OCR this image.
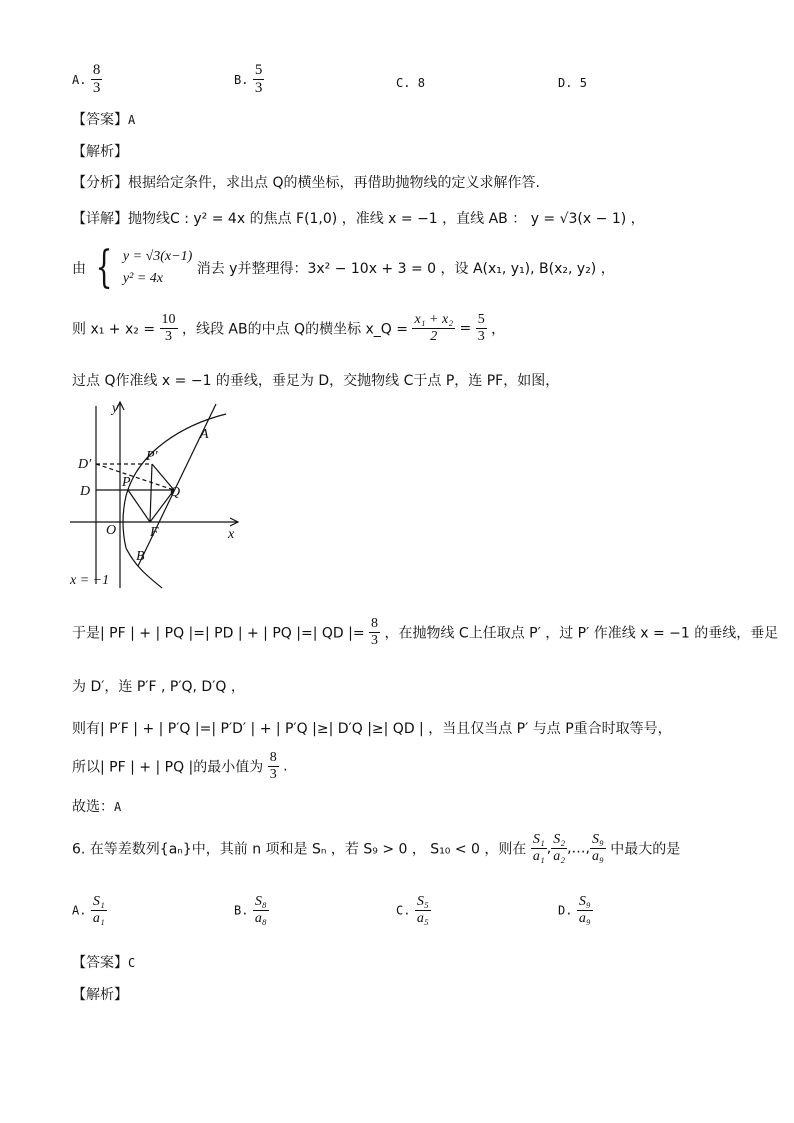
A. $\frac{8}{3}$	B. $\frac{5}{3}$	C. 8	D. 5
【答案】A
【解析】
【分析】根据给定条件，求出点 Q的横坐标，再借助抛物线的定义求解作答.
【详解】抛物线C : y² = 4x 的焦点 F(1,0) ，准线 x = −1 ，直线 AB ： y = √3(x − 1) ，
由 { y = √3(x−1)
y² = 4x
消去 y并整理得：3x² − 10x + 3 = 0 ，设 A(x₁, y₁), B(x₂, y₂) ，
则 $x_1 + x_2 = \frac{10}{3}$ ，线段 AB的中点 Q的横坐标 x_Q = $\frac{\text{x₁ + x₂}}{2} = \frac{5}{3}$ ，
过点 Q作准线 x = −1 的垂线，垂足为 D，交抛物线 C于点 P，连 PF，如图，
y
x
A
B
D′
D
P′
P
Q
O F
x = −1
于是| PF | + | PQ |=| PD | + | PQ |=| QD |= $\frac{8}{3}$ ，在抛物线 C上任取点 P′ ，过 P′ 作准线 x = −1 的垂线，垂足
为 D′，连 P′F , P′Q, D′Q ，
则有| P′F | + | P′Q |=| P′D′ | + | P′Q |≥| D′Q |≥| QD | ，当且仅当点 P′ 与点 P重合时取等号，
所以| PF | + | PQ |的最小值为 $\frac{8}{3}$ .
故选：A
6. 在等差数列{aₙ}中，其前 n 项和是 Sₙ ，若 S₉ > 0 ， S₁₀ < 0 ，则在 $\frac{\text{S₁}}{\text{a₁}}$ , $\frac{\text{S₂}}{\text{a₂}}$ ,…, $\frac{\text{S₉}}{\text{a₉}}$ 中最大的是
A. $\frac{\text{S₁}}{\text{a₁}}$	B. $\frac{\text{S₈}}{\text{a₈}}$	C. $\frac{\text{S₅}}{\text{a₅}}$	D. $\frac{\text{S₉}}{\text{a₉}}$
【答案】C
【解析】
